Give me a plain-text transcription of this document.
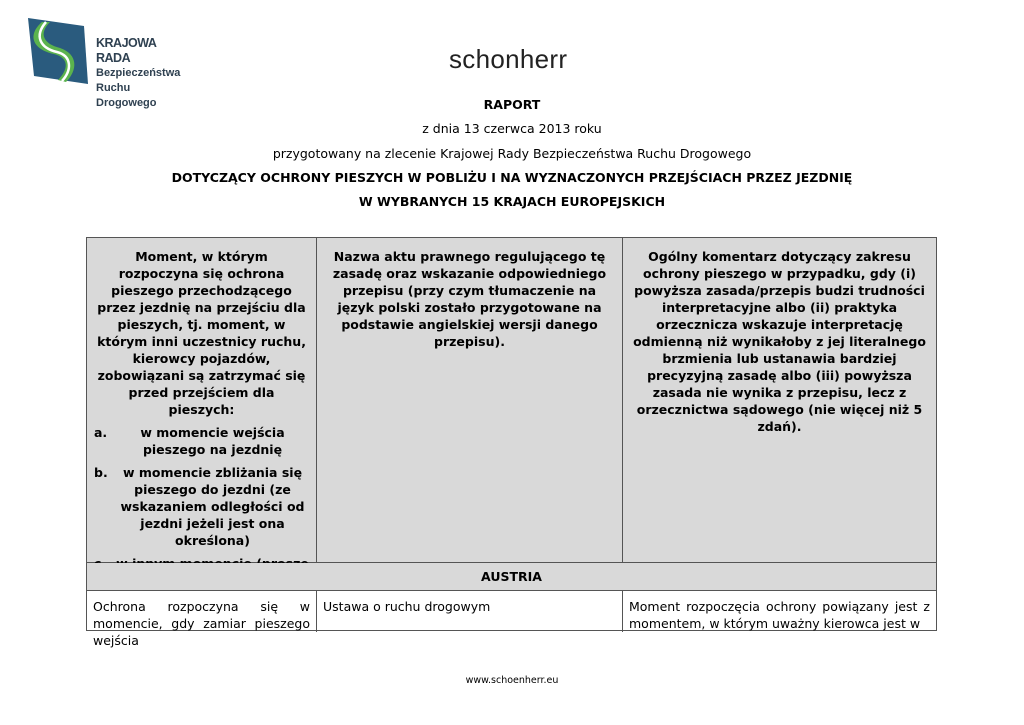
KRAJOWA RADA
Bezpieczeństwa
Ruchu Drogowego
schonherr
RAPORT
z dnia 13 czerwca 2013 roku
przygotowany na zlecenie Krajowej Rady Bezpieczeństwa Ruchu Drogowego
DOTYCZĄCY OCHRONY PIESZYCH W POBLIŻU I NA WYZNACZONYCH PRZEJŚCIACH PRZEZ JEZDNIĘ
W WYBRANYCH 15 KRAJACH EUROPEJSKICH
Moment, w którym rozpoczyna się ochrona pieszego przechodzącego przez jezdnię na przejściu dla pieszych, tj. moment, w którym inni uczestnicy ruchu, kierowcy pojazdów, zobowiązani są zatrzymać się przed przejściem dla pieszych:
a.	w momencie wejścia pieszego na jezdnię
b. w momencie zbliżania się pieszego do jezdni (ze wskazaniem odległości od jezdni jeżeli jest ona określona)
Nazwa aktu prawnego regulującego tę zasadę oraz wskazanie odpowiedniego przepisu (przy czym tłumaczenie na język polski zostało przygotowane na podstawie angielskiej wersji danego przepisu).
Ogólny komentarz dotyczący zakresu ochrony pieszego w przypadku, gdy (i) powyższa zasada/przepis budzi trudności interpretacyjne albo (ii) praktyka orzecznicza wskazuje interpretację odmienną niż wynikałoby z jej literalnego brzmienia lub ustanawia bardziej precyzyjną zasadę albo (iii) powyższa zasada nie wynika z przepisu, lecz z orzecznictwa sądowego (nie więcej niż 5 zdań).
AUSTRIA
Ochrona rozpoczyna się w momencie, gdy zamiar pieszego wejścia
Ustawa o ruchu drogowym	Moment rozpoczęcia ochrony powiązany jest z momentem, w którym uważny kierowca jest w
www.schoenherr.eu
